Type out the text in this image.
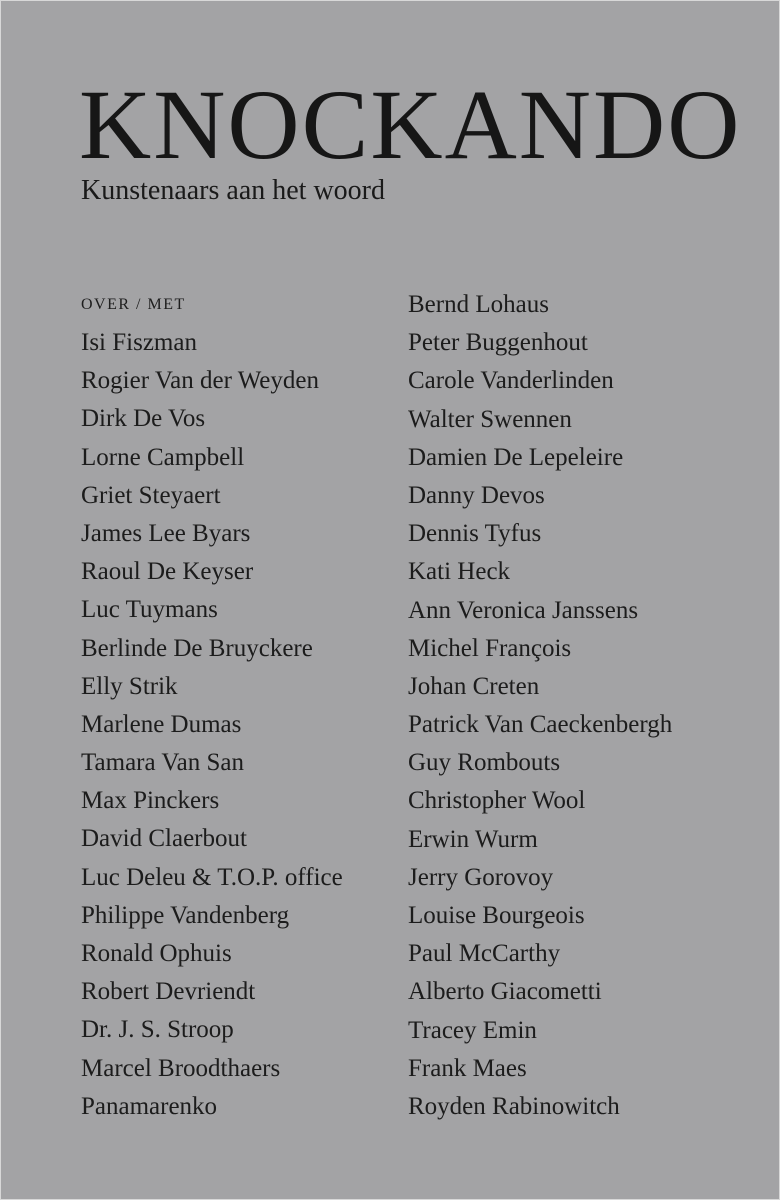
KNOCKANDO

Kunstenaars aan het woord

OVER / MET
Isi Fiszman
Rogier Van der Weyden
Dirk De Vos
Lorne Campbell
Griet Steyaert
James Lee Byars
Raoul De Keyser
Luc Tuymans
Berlinde De Bruyckere
Elly Strik
Marlene Dumas
Tamara Van San
Max Pinckers
David Claerbout
Luc Deleu & T.O.P. office
Philippe Vandenberg
Ronald Ophuis
Robert Devriendt
Dr. J. S. Stroop
Marcel Broodthaers
Panamarenko
Bernd Lohaus
Peter Buggenhout
Carole Vanderlinden
Walter Swennen
Damien De Lepeleire
Danny Devos
Dennis Tyfus
Kati Heck
Ann Veronica Janssens
Michel François
Johan Creten
Patrick Van Caeckenbergh
Guy Rombouts
Christopher Wool
Erwin Wurm
Jerry Gorovoy
Louise Bourgeois
Paul McCarthy
Alberto Giacometti
Tracey Emin
Frank Maes
Royden Rabinowitch
